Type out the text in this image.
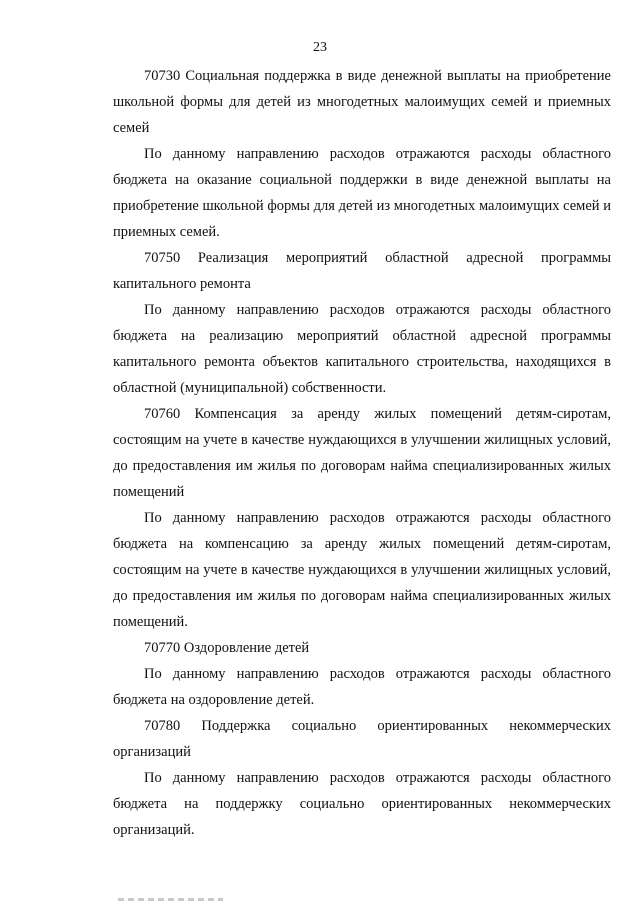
23

70730 Социальная поддержка в виде денежной выплаты на приобретение школьной формы для детей из многодетных малоимущих семей и приемных семей

По данному направлению расходов отражаются расходы областного бюджета на оказание социальной поддержки в виде денежной выплаты на приобретение школьной формы для детей из многодетных малоимущих семей и приемных семей.

70750 Реализация мероприятий областной адресной программы капитального ремонта

По данному направлению расходов отражаются расходы областного бюджета на реализацию мероприятий областной адресной программы капитального ремонта объектов капитального строительства, находящихся в областной (муниципальной) собственности.

70760 Компенсация за аренду жилых помещений детям-сиротам, состоящим на учете в качестве нуждающихся в улучшении жилищных условий, до предоставления им жилья по договорам найма специализированных жилых помещений

По данному направлению расходов отражаются расходы областного бюджета на компенсацию за аренду жилых помещений детям-сиротам, состоящим на учете в качестве нуждающихся в улучшении жилищных условий, до предоставления им жилья по договорам найма специализированных жилых помещений.

70770 Оздоровление детей

По данному направлению расходов отражаются расходы областного бюджета на оздоровление детей.

70780 Поддержка социально ориентированных некоммерческих организаций

По данному направлению расходов отражаются расходы областного бюджета на поддержку социально ориентированных некоммерческих организаций.
